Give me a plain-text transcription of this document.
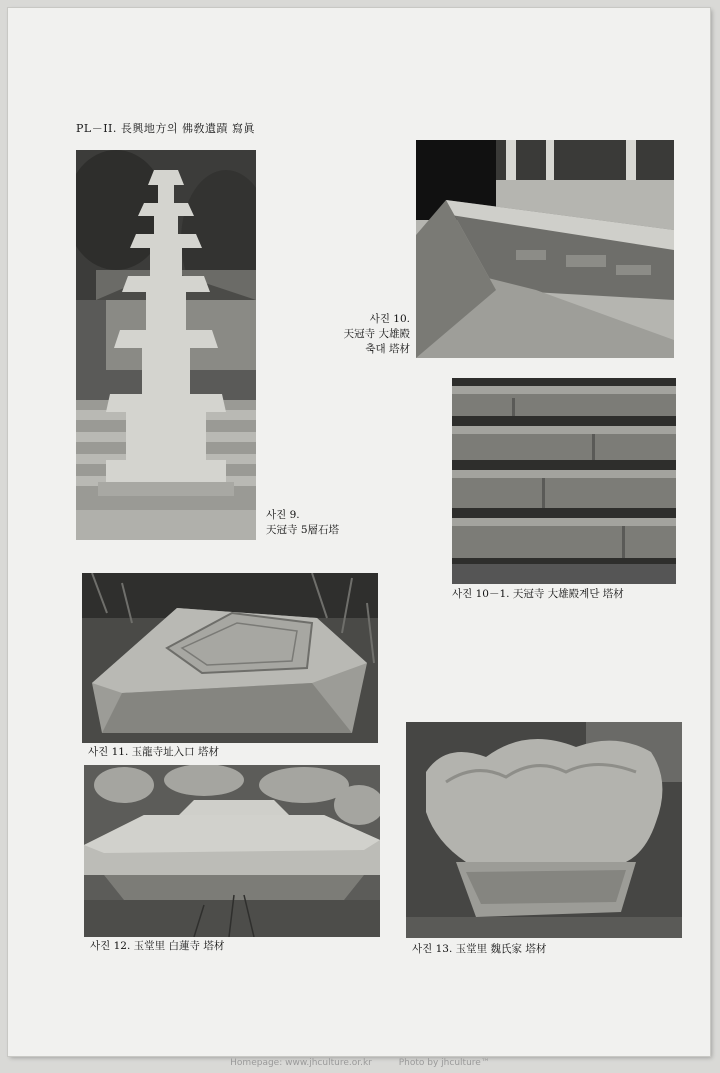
PL－II. 長興地方의 佛敎遺蹟 寫眞
사진 9.
天冠寺 5層石塔
사진 10.
天冠寺 大雄殿
축대 塔材
사진 10－1. 天冠寺 大雄殿계단 塔材
사진 11. 玉龍寺址入口 塔材
사진 12. 玉堂里 白蓮寺 塔材	사진 13. 玉堂里 魏氏家 塔材
Homepage: www.jhculture.or.kr	Photo by jhculture™
